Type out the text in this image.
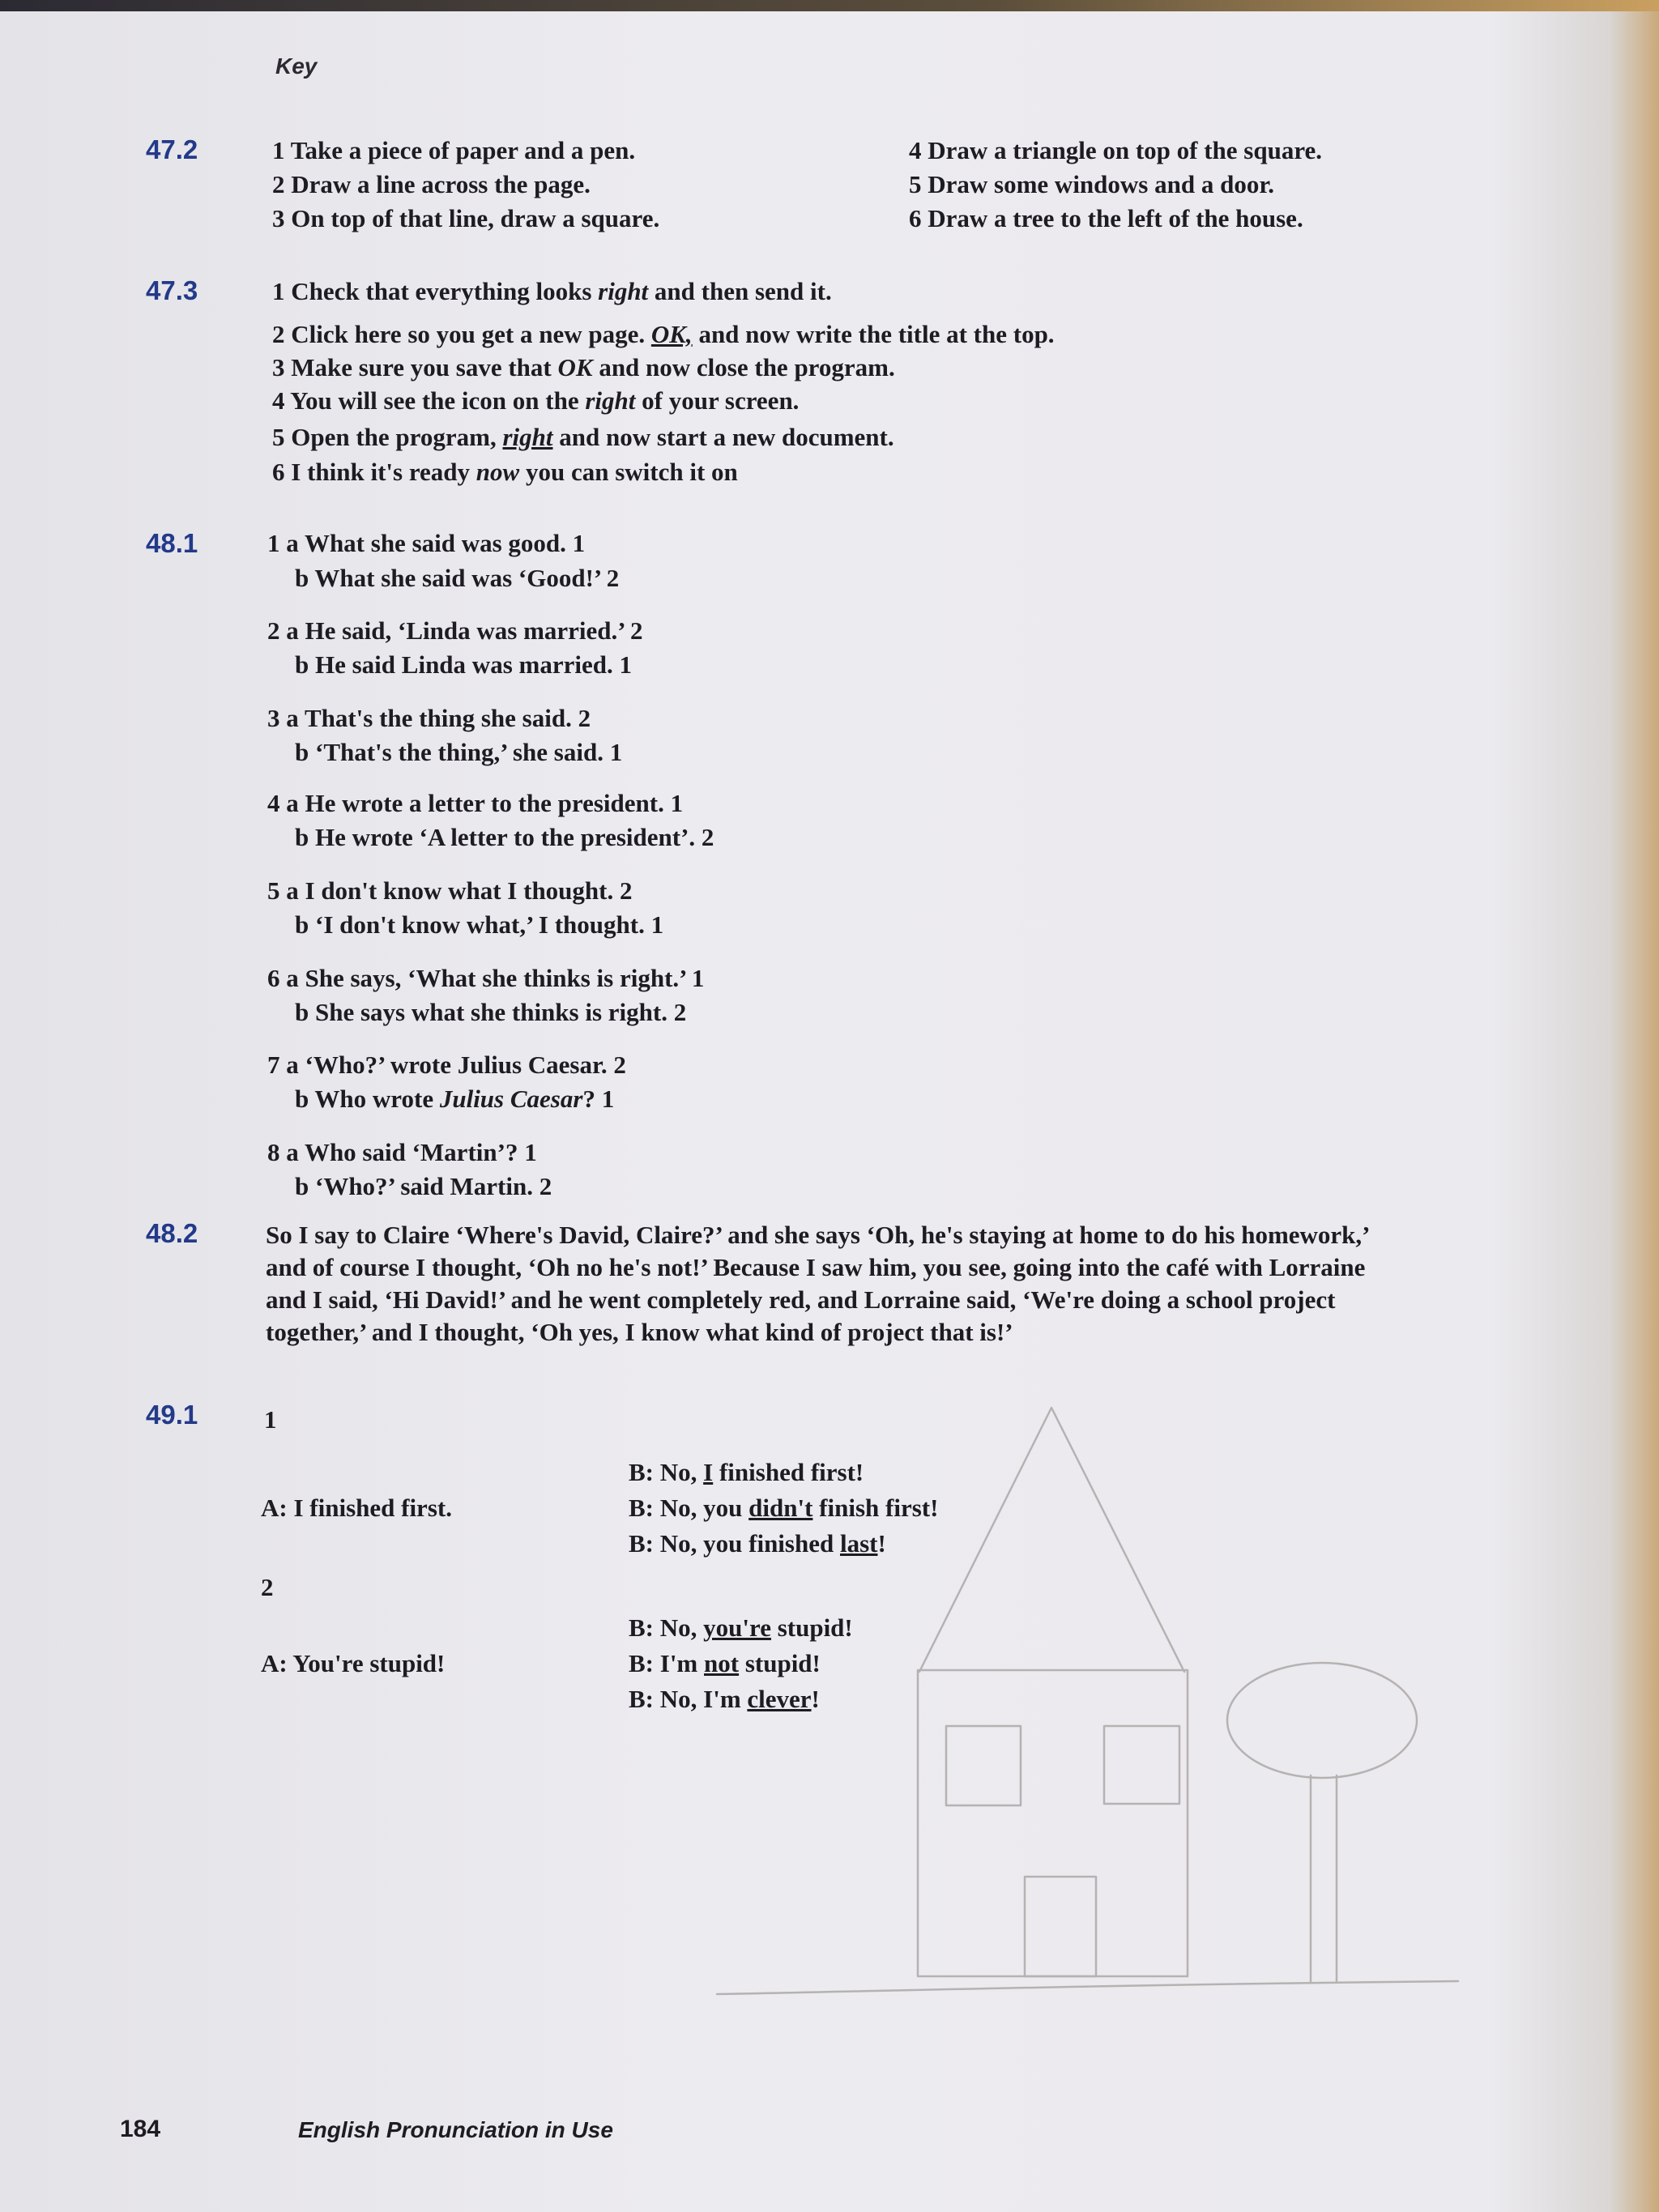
Key
47.2	1 Take a piece of paper and a pen.
2 Draw a line across the page.
3 On top of that line, draw a square.
4 Draw a triangle on top of the square.
5 Draw some windows and a door.
6 Draw a tree to the left of the house.
47.3	1 Check that everything looks right and then send it.
2 Click here so you get a new page. OK, and now write the title at the top.
3 Make sure you save that OK and now close the program.
4 You will see the icon on the right of your screen.
5 Open the program, right and now start a new document.
6 I think it's ready now you can switch it on
48.1	1 a What she said was good. 1
b What she said was ‘Good!’ 2
2 a He said, ‘Linda was married.’ 2
b He said Linda was married. 1
3 a That's the thing she said. 2
b ‘That's the thing,’ she said. 1
4 a He wrote a letter to the president. 1
b He wrote ‘A letter to the president’. 2
5 a I don't know what I thought. 2
b ‘I don't know what,’ I thought. 1
6 a She says, ‘What she thinks is right.’ 1
b She says what she thinks is right. 2
7 a ‘Who?’ wrote Julius Caesar. 2
b Who wrote Julius Caesar? 1
8 a Who said ‘Martin’? 1
b ‘Who?’ said Martin. 2
48.2	So I say to Claire ‘Where's David, Claire?’ and she says ‘Oh, he's staying at home to do his homework,’ and of course I thought, ‘Oh no he's not!’ Because I saw him, you see, going into the café with Lorraine and I said, ‘Hi David!’ and he went completely red, and Lorraine said, ‘We're doing a school project together,’ and I thought, ‘Oh yes, I know what kind of project that is!’
49.1	1
B: No, I finished first!
A: I finished first.	B: No, you didn't finish first!
B: No, you finished last!
2
B: No, you're stupid!
A: You're stupid!	B: I'm not stupid!
B: No, I'm clever!
184	English Pronunciation in Use
